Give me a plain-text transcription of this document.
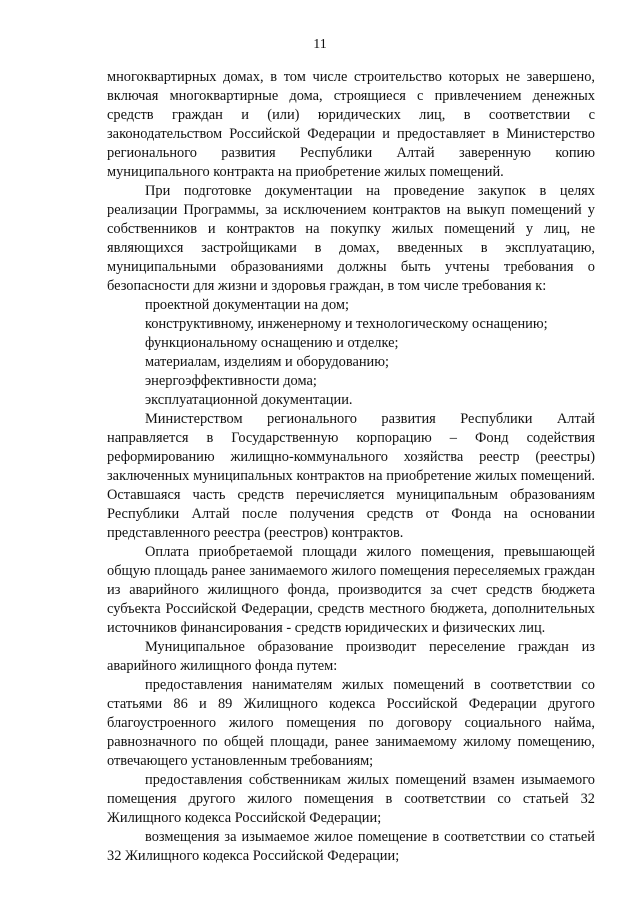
11

многоквартирных домах, в том числе строительство которых не завершено, включая многоквартирные дома, строящиеся с привлечением денежных средств граждан и (или) юридических лиц, в соответствии с законодательством Российской Федерации и предоставляет в Министерство регионального развития Республики Алтай заверенную копию муниципального контракта на приобретение жилых помещений.

При подготовке документации на проведение закупок в целях реализации Программы, за исключением контрактов на выкуп помещений у собственников и контрактов на покупку жилых помещений у лиц, не являющихся застройщиками в домах, введенных в эксплуатацию, муниципальными образованиями должны быть учтены требования о безопасности для жизни и здоровья граждан, в том числе требования к:

проектной документации на дом;

конструктивному, инженерному и технологическому оснащению;

функциональному оснащению и отделке;

материалам, изделиям и оборудованию;

энергоэффективности дома;

эксплуатационной документации.

Министерством регионального развития Республики Алтай направляется в Государственную корпорацию – Фонд содействия реформированию жилищно-коммунального хозяйства реестр (реестры) заключенных муниципальных контрактов на приобретение жилых помещений. Оставшаяся часть средств перечисляется муниципальным образованиям Республики Алтай после получения средств от Фонда на основании представленного реестра (реестров) контрактов.

Оплата приобретаемой площади жилого помещения, превышающей общую площадь ранее занимаемого жилого помещения переселяемых граждан из аварийного жилищного фонда, производится за счет средств бюджета субъекта Российской Федерации, средств местного бюджета, дополнительных источников финансирования - средств юридических и физических лиц.

Муниципальное образование производит переселение граждан из аварийного жилищного фонда путем:

предоставления нанимателям жилых помещений в соответствии со статьями 86 и 89 Жилищного кодекса Российской Федерации другого благоустроенного жилого помещения по договору социального найма, равнозначного по общей площади, ранее занимаемому жилому помещению, отвечающего установленным требованиям;

предоставления собственникам жилых помещений взамен изымаемого помещения другого жилого помещения в соответствии со статьей 32 Жилищного кодекса Российской Федерации;

возмещения за изымаемое жилое помещение в соответствии со статьей 32 Жилищного кодекса Российской Федерации;
